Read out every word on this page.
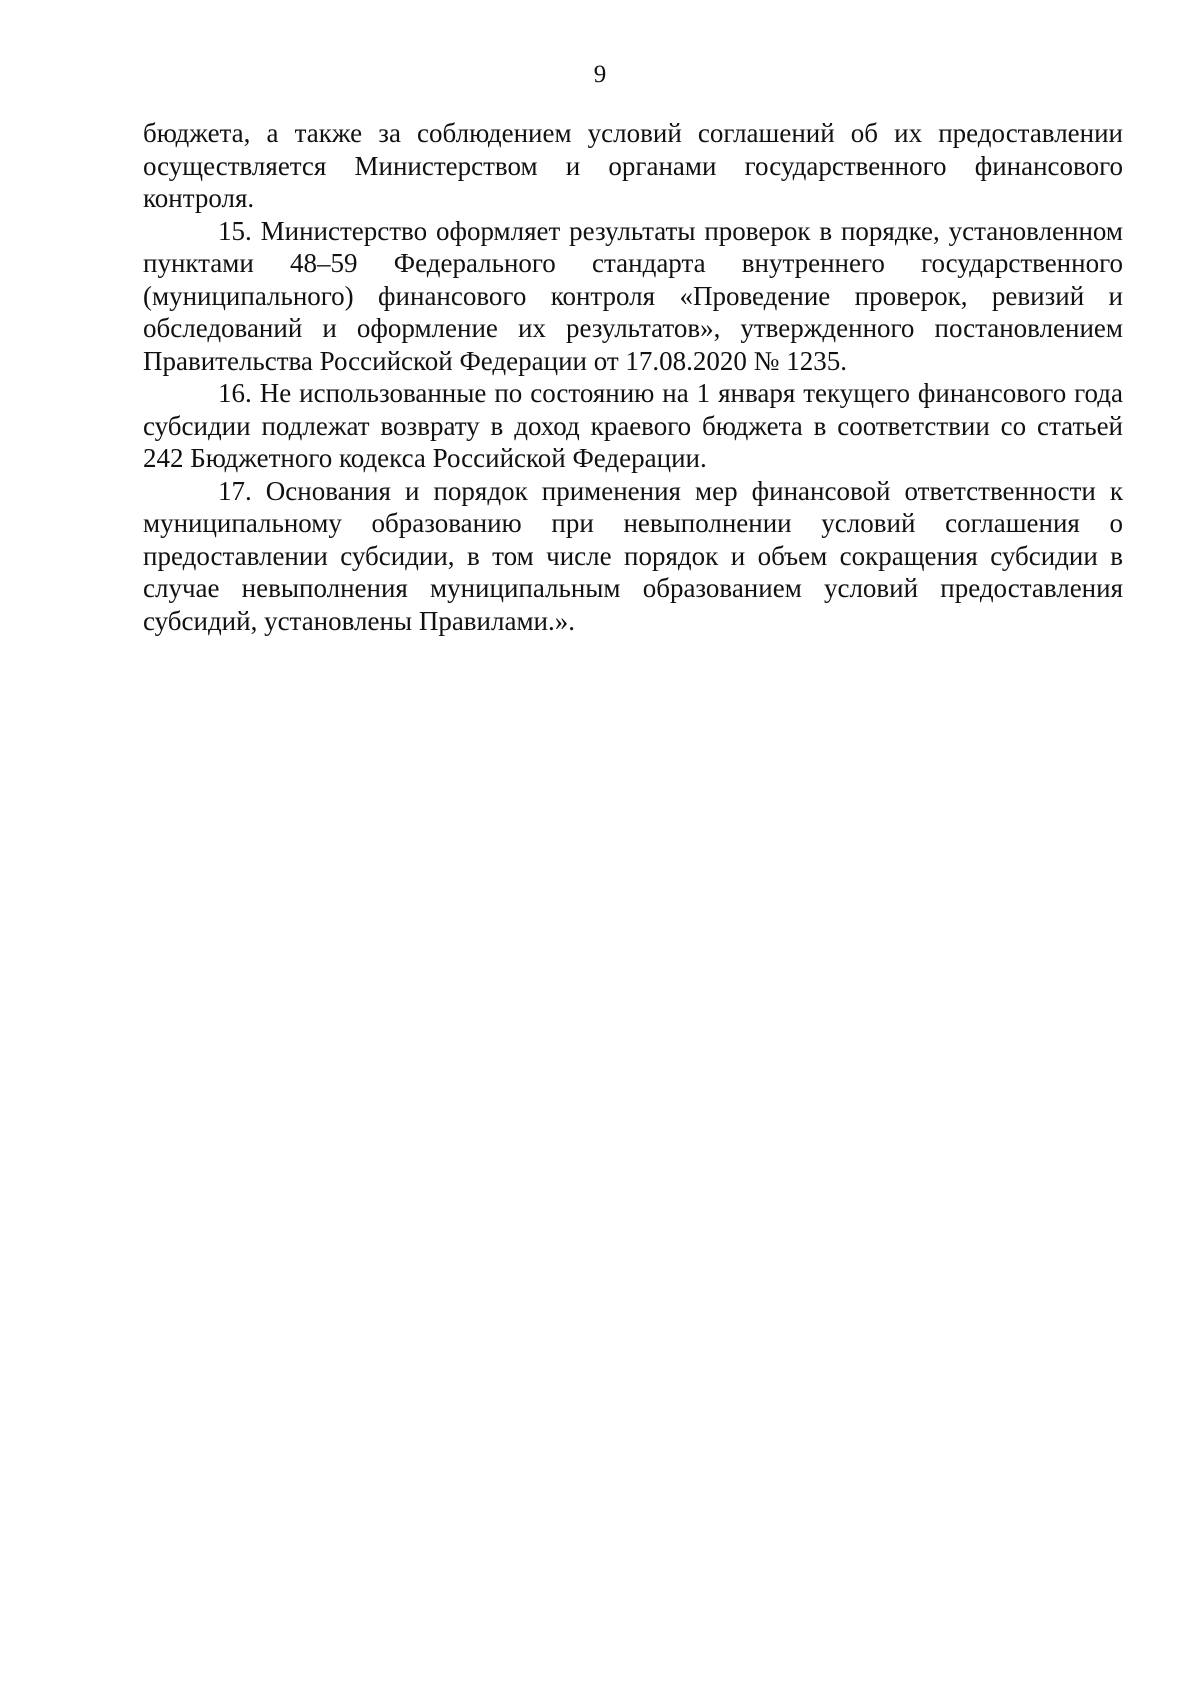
9

бюджета, а также за соблюдением условий соглашений об их предоставлении осуществляется Министерством и органами государственного финансового контроля.

15. Министерство оформляет результаты проверок в порядке, установленном пунктами 48–59 Федерального стандарта внутреннего государственного (муниципального) финансового контроля «Проведение проверок, ревизий и обследований и оформление их результатов», утвержденного постановлением Правительства Российской Федерации от 17.08.2020 № 1235.

16. Не использованные по состоянию на 1 января текущего финансового года субсидии подлежат возврату в доход краевого бюджета в соответствии со статьей 242 Бюджетного кодекса Российской Федерации.

17. Основания и порядок применения мер финансовой ответственности к муниципальному образованию при невыполнении условий соглашения о предоставлении субсидии, в том числе порядок и объем сокращения субсидии в случае невыполнения муниципальным образованием условий предоставления субсидий, установлены Правилами.».
